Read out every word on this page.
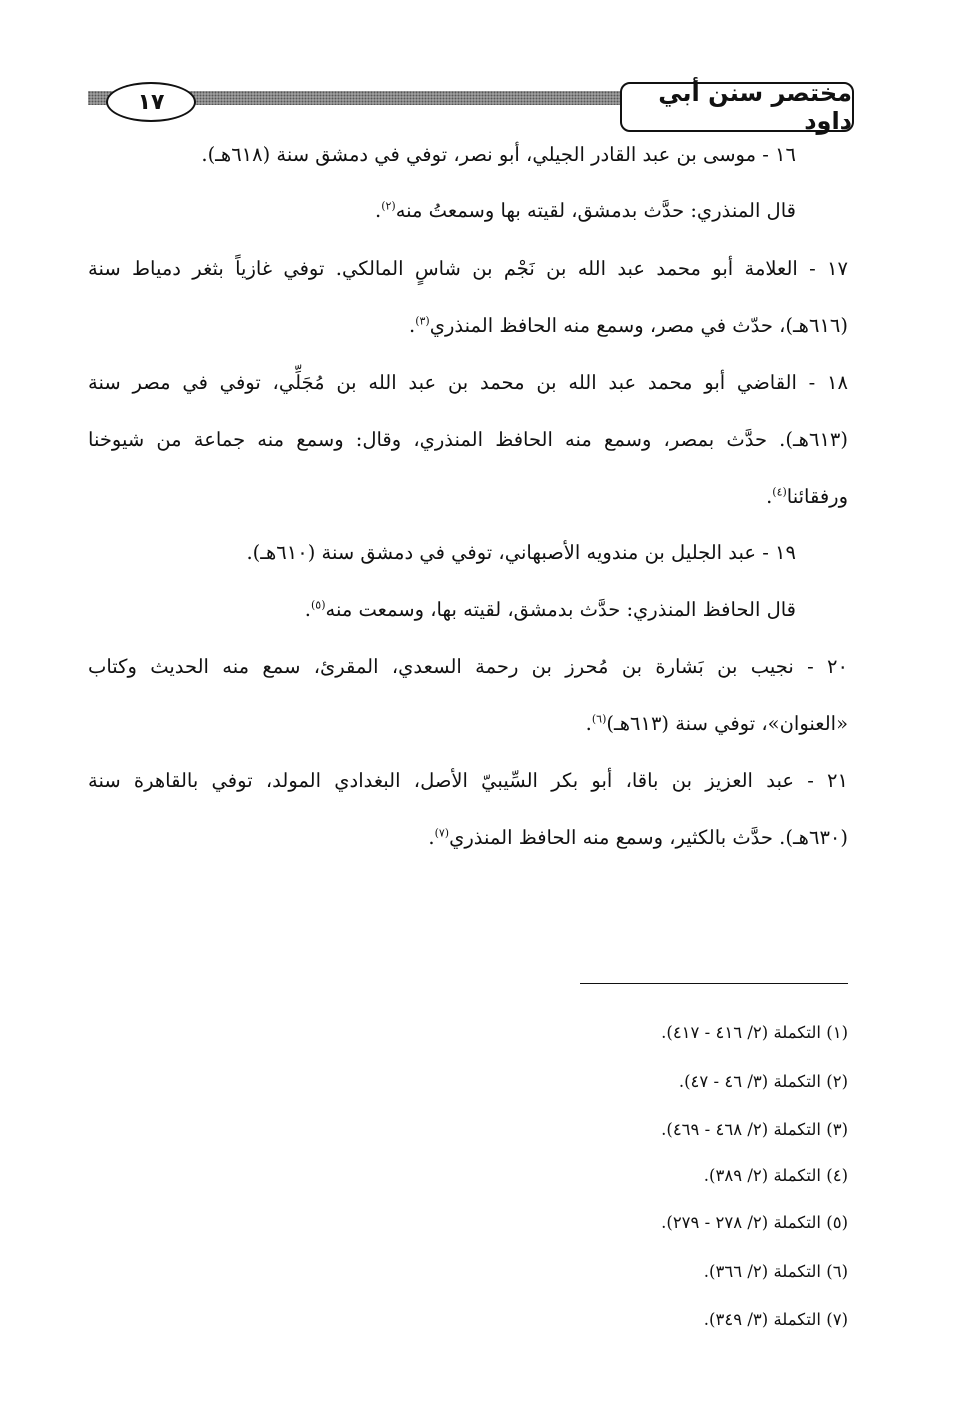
١٧	مختصر سنن أبي داود
١٦ - موسى بن عبد القادر الجيلي، أبو نصر، توفي في دمشق سنة (٦١٨هـ).
قال المنذري: حدَّث بدمشق، لقيته بها وسمعتُ منه$^{(٢)}$.
١٧ - العلامة أبو محمد عبد الله بن نَجْم بن شاسٍ المالكي. توفي غازياً بثغر دمياط سنة
(٦١٦هـ)، حدّث في مصر، وسمع منه الحافظ المنذري$^{(٣)}$.
١٨ - القاضي أبو محمد عبد الله بن محمد بن عبد الله بن مُجَلِّي، توفي في مصر سنة
(٦١٣هـ). حدَّث بمصر، وسمع منه الحافظ المنذري، وقال: وسمع منه جماعة من شيوخنا
ورفقائنا$^{(٤)}$.
١٩ - عبد الجليل بن مندويه الأصبهاني، توفي في دمشق سنة (٦١٠هـ).
قال الحافظ المنذري: حدَّث بدمشق، لقيته بها، وسمعت منه$^{(٥)}$.
٢٠ - نجيب بن بَشارة بن مُحرز بن رحمة السعدي، المقرئ، سمع منه الحديث وكتاب
«العنوان»، توفي سنة (٦١٣هـ)$^{(٦)}$.
٢١ - عبد العزيز بن باقا، أبو بكر السِّيبيّ الأصل، البغدادي المولد، توفي بالقاهرة سنة
(٦٣٠هـ). حدَّث بالكثير، وسمع منه الحافظ المنذري$^{(٧)}$.
(١) التكملة (٢/ ٤١٦ - ٤١٧).
(٢) التكملة (٣/ ٤٦ - ٤٧).
(٣) التكملة (٢/ ٤٦٨ - ٤٦٩).
(٤) التكملة (٢/ ٣٨٩).
(٥) التكملة (٢/ ٢٧٨ - ٢٧٩).
(٦) التكملة (٢/ ٣٦٦).
(٧) التكملة (٣/ ٣٤٩).
